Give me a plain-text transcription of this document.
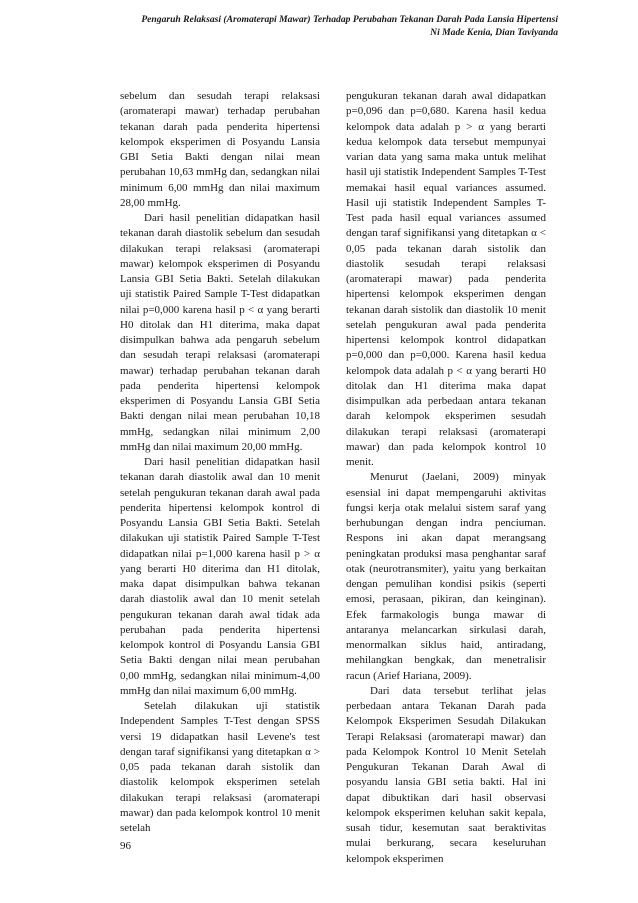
Pengaruh Relaksasi (Aromaterapi Mawar) Terhadap Perubahan Tekanan Darah Pada Lansia Hipertensi
Ni Made Kenia, Dian Taviyanda

sebelum dan sesudah terapi relaksasi (aromaterapi mawar) terhadap perubahan tekanan darah pada penderita hipertensi kelompok eksperimen di Posyandu Lansia GBI Setia Bakti dengan nilai mean perubahan 10,63 mmHg dan, sedangkan nilai minimum 6,00 mmHg dan nilai maximum 28,00 mmHg.

Dari hasil penelitian didapatkan hasil tekanan darah diastolik sebelum dan sesudah dilakukan terapi relaksasi (aromaterapi mawar) kelompok eksperimen di Posyandu Lansia GBI Setia Bakti. Setelah dilakukan uji statistik Paired Sample T-Test didapatkan nilai p=0,000 karena hasil p < α yang berarti H0 ditolak dan H1 diterima, maka dapat disimpulkan bahwa ada pengaruh sebelum dan sesudah terapi relaksasi (aromaterapi mawar) terhadap perubahan tekanan darah pada penderita hipertensi kelompok eksperimen di Posyandu Lansia GBI Setia Bakti dengan nilai mean perubahan 10,18 mmHg, sedangkan nilai minimum 2,00 mmHg dan nilai maximum 20,00 mmHg.

Dari hasil penelitian didapatkan hasil tekanan darah diastolik awal dan 10 menit setelah pengukuran tekanan darah awal pada penderita hipertensi kelompok kontrol di Posyandu Lansia GBI Setia Bakti. Setelah dilakukan uji statistik Paired Sample T-Test didapatkan nilai p=1,000 karena hasil p > α yang berarti H0 diterima dan H1 ditolak, maka dapat disimpulkan bahwa tekanan darah diastolik awal dan 10 menit setelah pengukuran tekanan darah awal tidak ada perubahan pada penderita hipertensi kelompok kontrol di Posyandu Lansia GBI Setia Bakti dengan nilai mean perubahan 0,00 mmHg, sedangkan nilai minimum-4,00 mmHg dan nilai maximum 6,00 mmHg.

Setelah dilakukan uji statistik Independent Samples T-Test dengan SPSS versi 19 didapatkan hasil Levene's test dengan taraf signifikansi yang ditetapkan α > 0,05 pada tekanan darah sistolik dan diastolik kelompok eksperimen setelah dilakukan terapi relaksasi (aromaterapi mawar) dan pada kelompok kontrol 10 menit setelah

pengukuran tekanan darah awal didapatkan p=0,096 dan p=0,680. Karena hasil kedua kelompok data adalah p > α yang berarti kedua kelompok data tersebut mempunyai varian data yang sama maka untuk melihat hasil uji statistik Independent Samples T-Test memakai hasil equal variances assumed. Hasil uji statistik Independent Samples T-Test pada hasil equal variances assumed dengan taraf signifikansi yang ditetapkan α < 0,05 pada tekanan darah sistolik dan diastolik sesudah terapi relaksasi (aromaterapi mawar) pada penderita hipertensi kelompok eksperimen dengan tekanan darah sistolik dan diastolik 10 menit setelah pengukuran awal pada penderita hipertensi kelompok kontrol didapatkan p=0,000 dan p=0,000. Karena hasil kedua kelompok data adalah p < α yang berarti H0 ditolak dan H1 diterima maka dapat disimpulkan ada perbedaan antara tekanan darah kelompok eksperimen sesudah dilakukan terapi relaksasi (aromaterapi mawar) dan pada kelompok kontrol 10 menit.

Menurut (Jaelani, 2009) minyak esensial ini dapat mempengaruhi aktivitas fungsi kerja otak melalui sistem saraf yang berhubungan dengan indra penciuman. Respons ini akan dapat merangsang peningkatan produksi masa penghantar saraf otak (neurotransmiter), yaitu yang berkaitan dengan pemulihan kondisi psikis (seperti emosi, perasaan, pikiran, dan keinginan). Efek farmakologis bunga mawar di antaranya melancarkan sirkulasi darah, menormalkan siklus haid, antiradang, mehilangkan bengkak, dan menetralisir racun (Arief Hariana, 2009).

Dari data tersebut terlihat jelas perbedaan antara Tekanan Darah pada Kelompok Eksperimen Sesudah Dilakukan Terapi Relaksasi (aromaterapi mawar) dan pada Kelompok Kontrol 10 Menit Setelah Pengukuran Tekanan Darah Awal di posyandu lansia GBI setia bakti. Hal ini dapat dibuktikan dari hasil observasi kelompok eksperimen keluhan sakit kepala, susah tidur, kesemutan saat beraktivitas mulai berkurang, secara keseluruhan kelompok eksperimen

96
